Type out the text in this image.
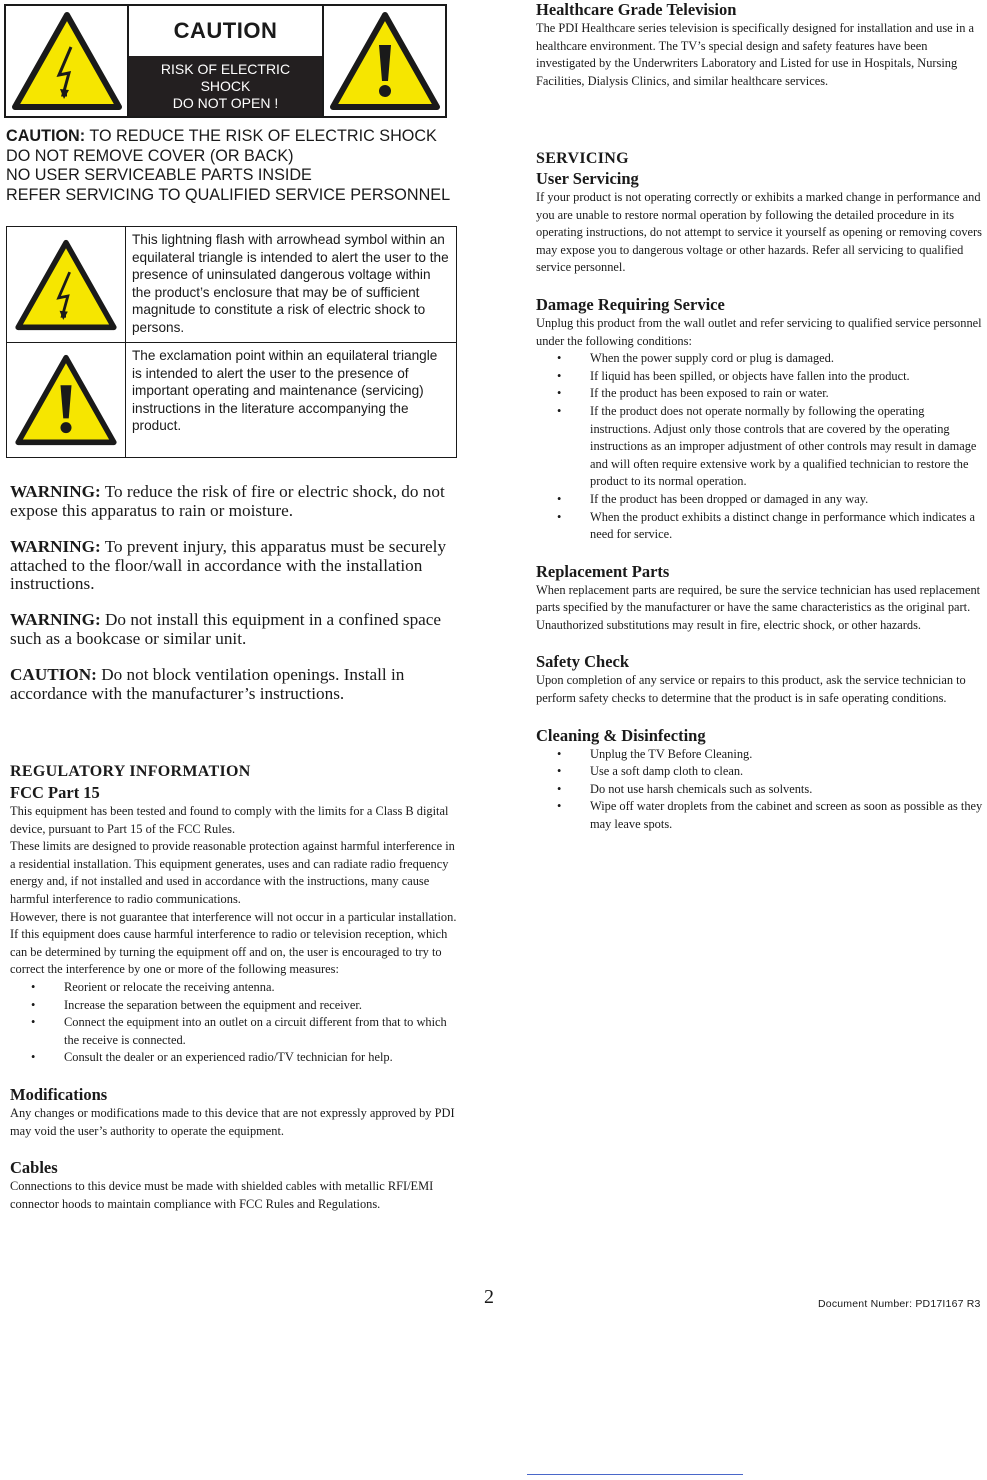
CAUTION
RISK OF ELECTRIC
SHOCK
DO NOT OPEN !
CAUTION: TO REDUCE THE RISK OF ELECTRIC SHOCK
DO NOT REMOVE COVER (OR BACK)
NO USER SERVICEABLE PARTS INSIDE
REFER SERVICING TO QUALIFIED SERVICE PERSONNEL
This lightning flash with arrowhead symbol within an equilateral triangle is intended to alert the user to the presence of uninsulated dangerous voltage within the product’s enclosure that may be of sufficient magnitude to constitute a risk of electric shock to persons.
The exclamation point within an equilateral triangle is intended to alert the user to the presence of important operating and maintenance (servicing) instructions in the literature accompanying the product.
WARNING: To reduce the risk of fire or electric shock, do not expose this apparatus to rain or moisture.
WARNING: To prevent injury, this apparatus must be securely attached to the floor/wall in accordance with the installation instructions.
WARNING: Do not install this equipment in a confined space such as a bookcase or similar unit.
CAUTION: Do not block ventilation openings. Install in accordance with the manufacturer’s instructions.
REGULATORY INFORMATION
FCC Part 15
This equipment has been tested and found to comply with the limits for a Class B digital device, pursuant to Part 15 of the FCC Rules.
These limits are designed to provide reasonable protection against harmful interference in a residential installation. This equipment generates, uses and can radiate radio frequency energy and, if not installed and used in accordance with the instructions, many cause harmful interference to radio communications.
However, there is not guarantee that interference will not occur in a particular installation. If this equipment does cause harmful interference to radio or television reception, which can be determined by turning the equipment off and on, the user is encouraged to try to correct the interference by one or more of the following measures:
• Reorient or relocate the receiving antenna.
• Increase the separation between the equipment and receiver.
• Connect the equipment into an outlet on a circuit different from that to which the receive is connected.
• Consult the dealer or an experienced radio/TV technician for help.
Modifications
Any changes or modifications made to this device that are not expressly approved by PDI may void the user’s authority to operate the equipment.
Cables
Connections to this device must be made with shielded cables with metallic RFI/EMI connector hoods to maintain compliance with FCC Rules and Regulations.
Healthcare Grade Television
The PDI Healthcare series television is specifically designed for installation and use in a healthcare environment. The TV’s special design and safety features have been investigated by the Underwriters Laboratory and Listed for use in Hospitals, Nursing Facilities, Dialysis Clinics, and similar healthcare services.
SERVICING
User Servicing
If your product is not operating correctly or exhibits a marked change in performance and you are unable to restore normal operation by following the detailed procedure in its operating instructions, do not attempt to service it yourself as opening or removing covers may expose you to dangerous voltage or other hazards. Refer all servicing to qualified service personnel.
Damage Requiring Service
Unplug this product from the wall outlet and refer servicing to qualified service personnel under the following conditions:
• When the power supply cord or plug is damaged.
• If liquid has been spilled, or objects have fallen into the product.
• If the product has been exposed to rain or water.
• If the product does not operate normally by following the operating instructions. Adjust only those controls that are covered by the operating instructions as an improper adjustment of other controls may result in damage and will often require extensive work by a qualified technician to restore the product to its normal operation.
• If the product has been dropped or damaged in any way.
• When the product exhibits a distinct change in performance which indicates a need for service.
Replacement Parts
When replacement parts are required, be sure the service technician has used replacement parts specified by the manufacturer or have the same characteristics as the original part. Unauthorized substitutions may result in fire, electric shock, or other hazards.
Safety Check
Upon completion of any service or repairs to this product, ask the service technician to perform safety checks to determine that the product is in safe operating conditions.
Cleaning & Disinfecting
• Unplug the TV Before Cleaning.
• Use a soft damp cloth to clean.
• Do not use harsh chemicals such as solvents.
• Wipe off water droplets from the cabinet and screen as soon as possible as they may leave spots.
2	Document Number: PD17I167 R3
